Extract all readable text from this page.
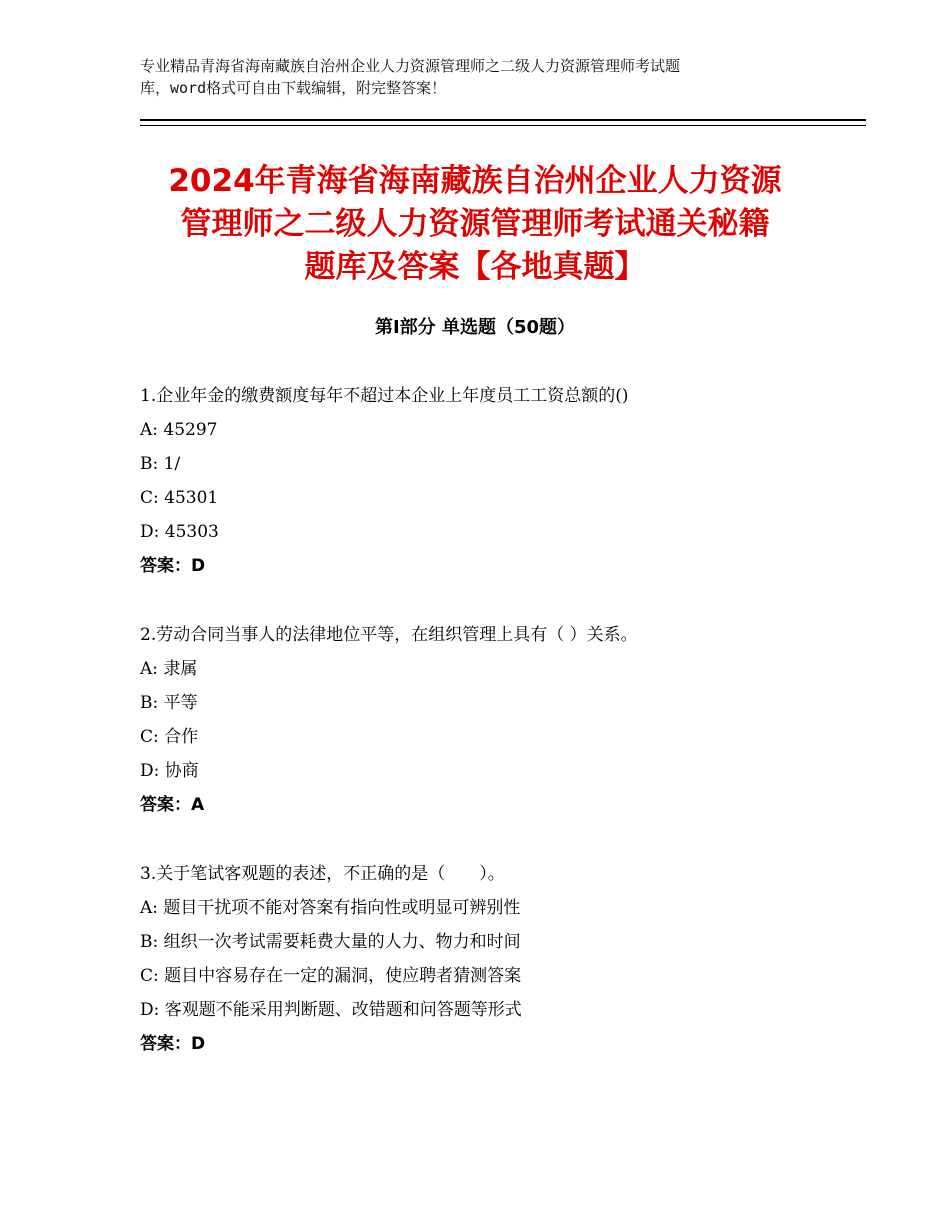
专业精品青海省海南藏族自治州企业人力资源管理师之二级人力资源管理师考试题
库，word格式可自由下载编辑，附完整答案！
2024年青海省海南藏族自治州企业人力资源
管理师之二级人力资源管理师考试通关秘籍
题库及答案【各地真题】
第Ⅰ部分 单选题（50题）
1.企业年金的缴费额度每年不超过本企业上年度员工工资总额的()
A: 45297
B: 1/
C: 45301
D: 45303
答案：D
2.劳动合同当事人的法律地位平等，在组织管理上具有（ ）关系。
A: 隶属
B: 平等
C: 合作
D: 协商
答案：A
3.关于笔试客观题的表述，不正确的是（　　）。
A: 题目干扰项不能对答案有指向性或明显可辨别性
B: 组织一次考试需要耗费大量的人力、物力和时间
C: 题目中容易存在一定的漏洞，使应聘者猜测答案
D: 客观题不能采用判断题、改错题和问答题等形式
答案：D
